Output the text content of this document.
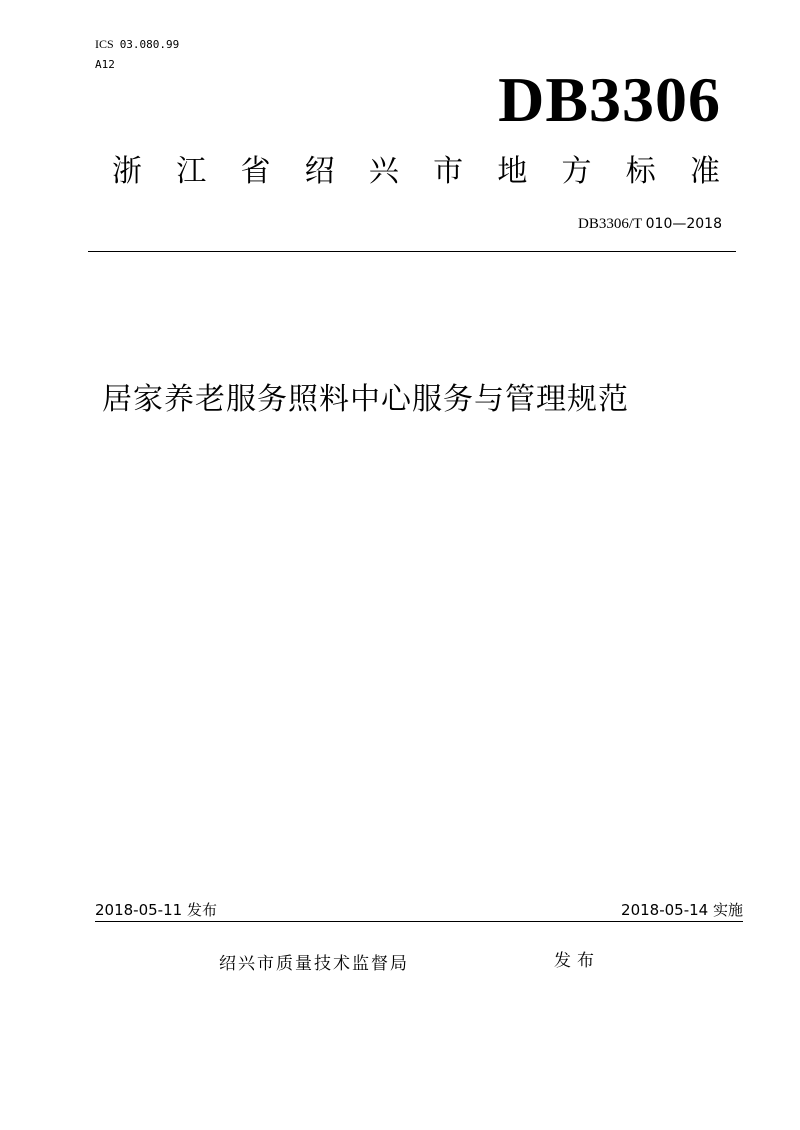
ICS 03.080.99
A12	DB3306
浙 江 省 绍 兴 市 地 方 标 准
DB3306/T 010—2018
居家养老服务照料中心服务与管理规范
2018-05-11 发布	2018-05-14 实施
绍兴市质量技术监督局	发布
